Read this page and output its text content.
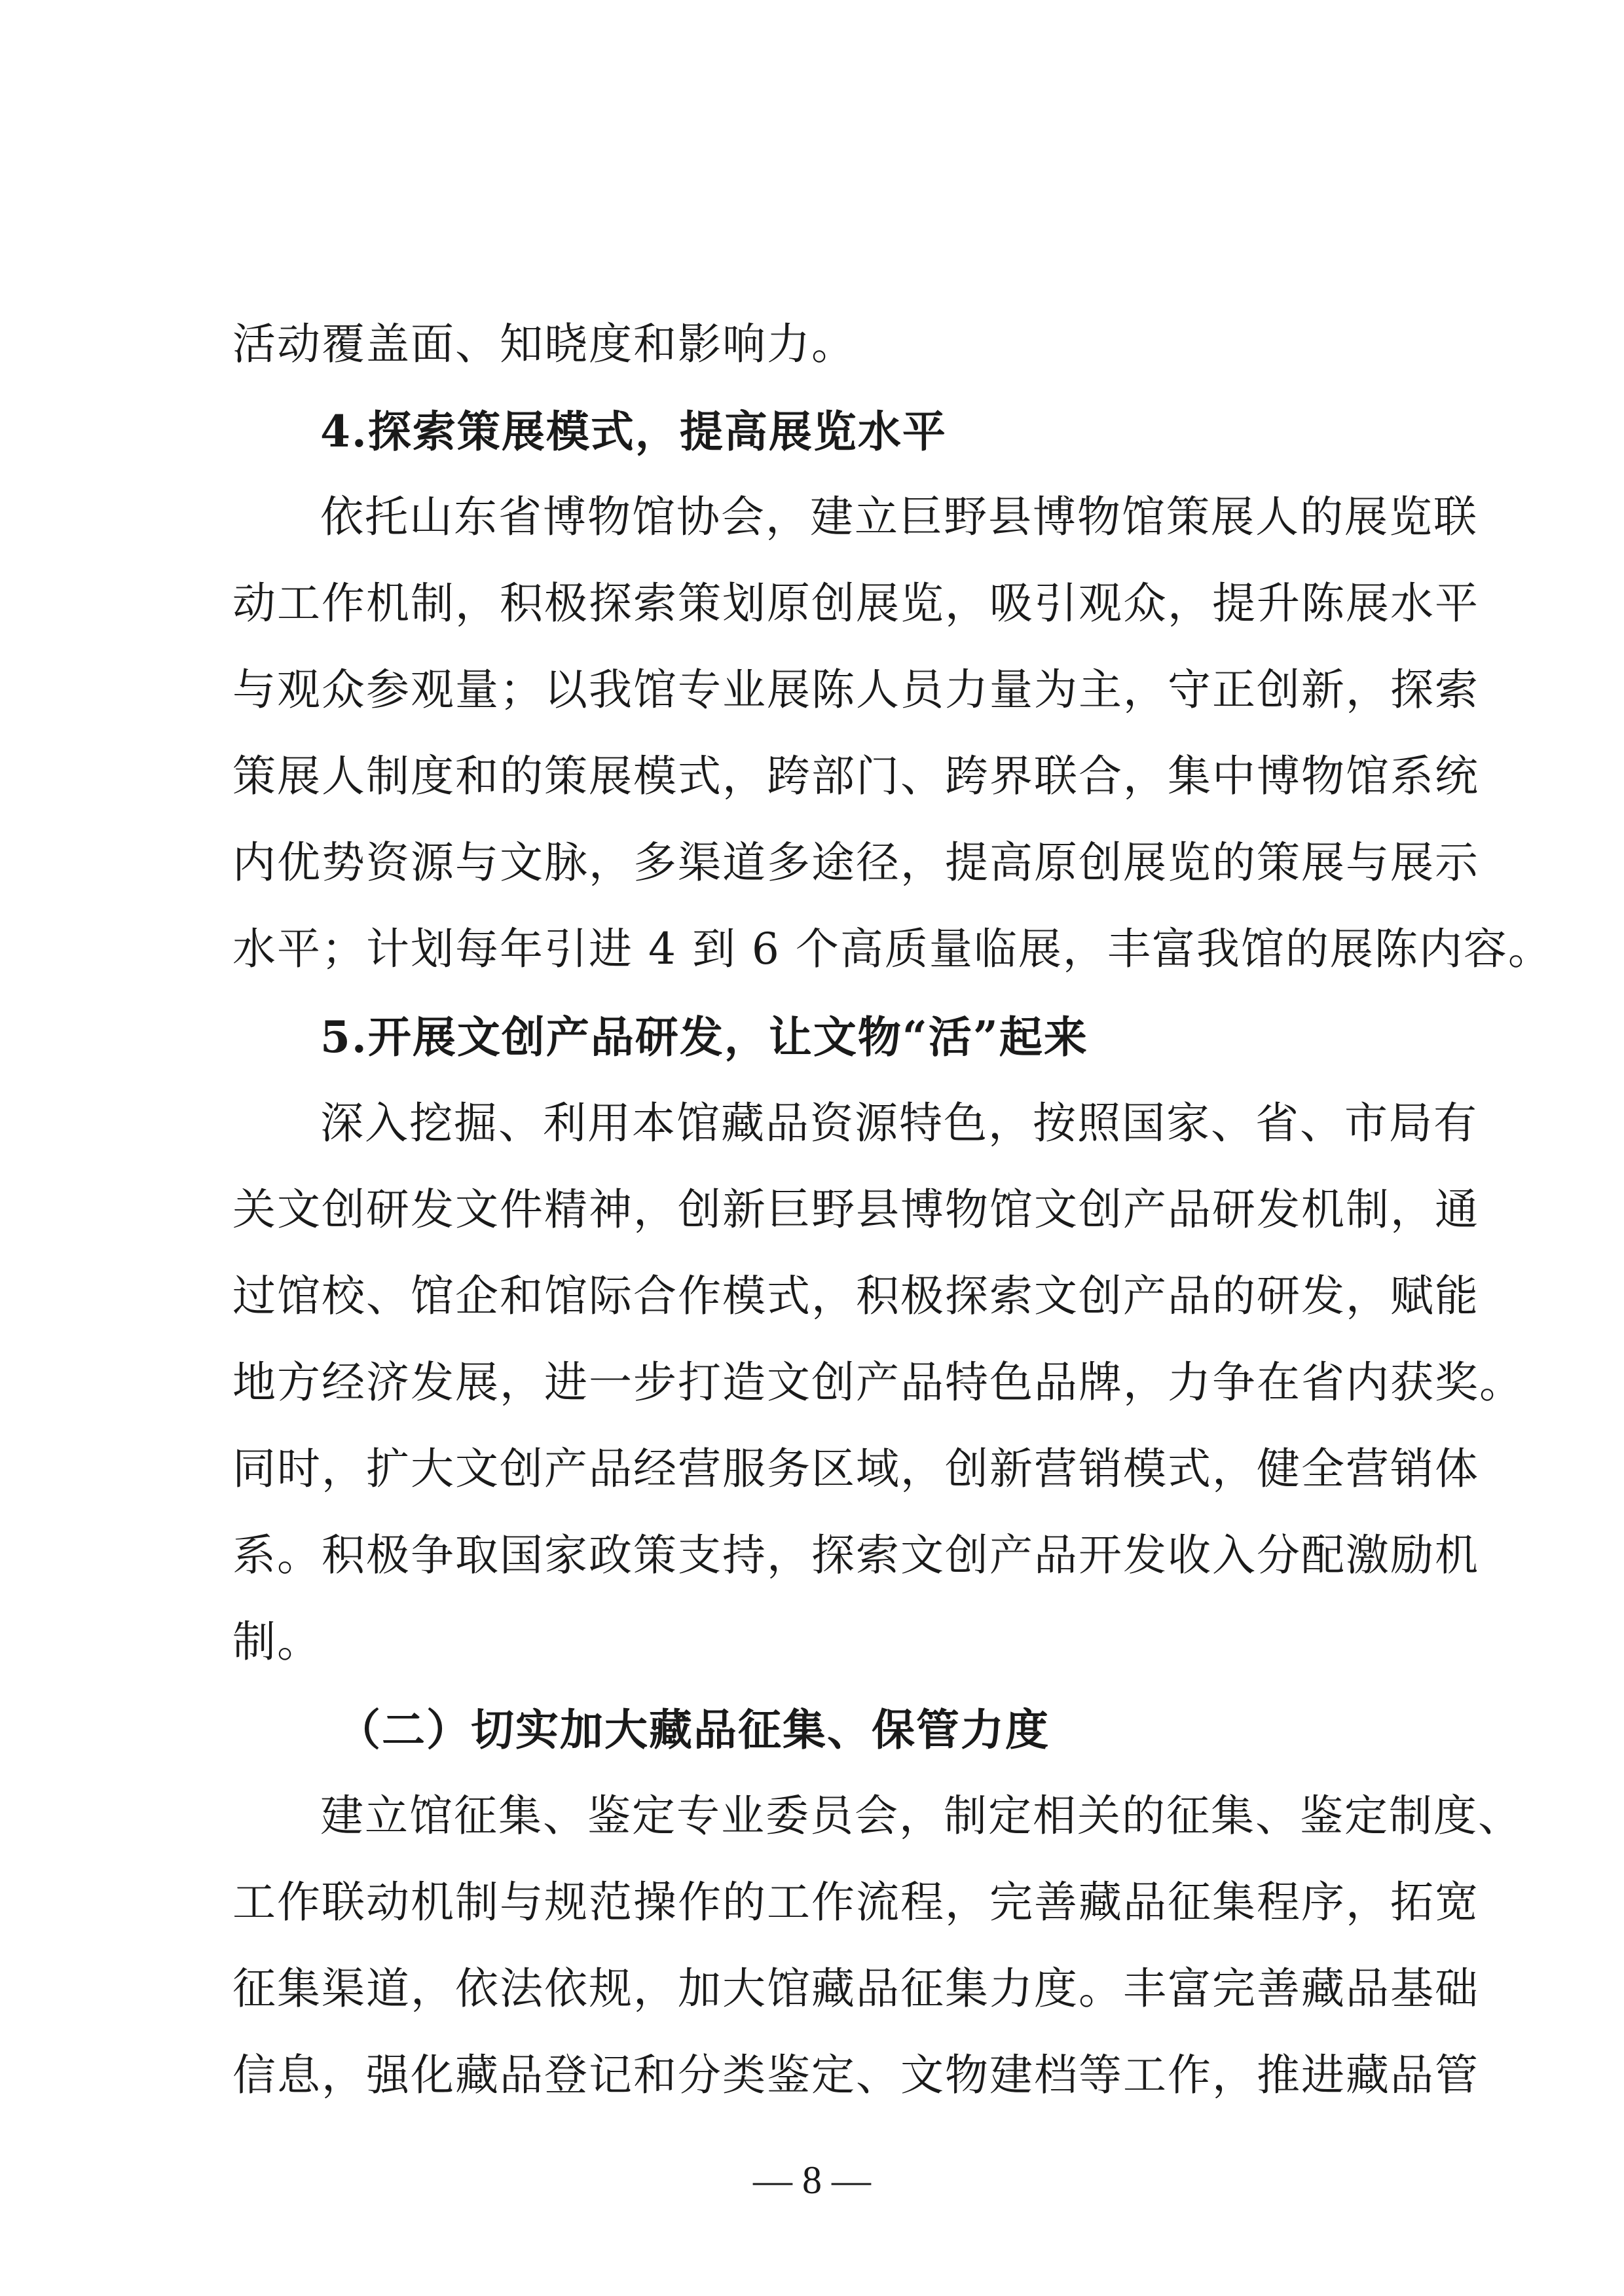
活动覆盖面、知晓度和影响力。
4.探索策展模式，提高展览水平
依托山东省博物馆协会，建立巨野县博物馆策展人的展览联
动工作机制，积极探索策划原创展览，吸引观众，提升陈展水平
与观众参观量；以我馆专业展陈人员力量为主，守正创新，探索
策展人制度和的策展模式，跨部门、跨界联合，集中博物馆系统
内优势资源与文脉，多渠道多途径，提高原创展览的策展与展示
水平；计划每年引进 4 到 6 个高质量临展，丰富我馆的展陈内容。
5.开展文创产品研发，让文物“活”起来
深入挖掘、利用本馆藏品资源特色，按照国家、省、市局有
关文创研发文件精神，创新巨野县博物馆文创产品研发机制，通
过馆校、馆企和馆际合作模式，积极探索文创产品的研发，赋能
地方经济发展，进一步打造文创产品特色品牌，力争在省内获奖。
同时，扩大文创产品经营服务区域，创新营销模式，健全营销体
系。积极争取国家政策支持，探索文创产品开发收入分配激励机
制。
（二）切实加大藏品征集、保管力度
建立馆征集、鉴定专业委员会，制定相关的征集、鉴定制度、
工作联动机制与规范操作的工作流程，完善藏品征集程序，拓宽
征集渠道，依法依规，加大馆藏品征集力度。丰富完善藏品基础
信息，强化藏品登记和分类鉴定、文物建档等工作，推进藏品管
— 8 —
